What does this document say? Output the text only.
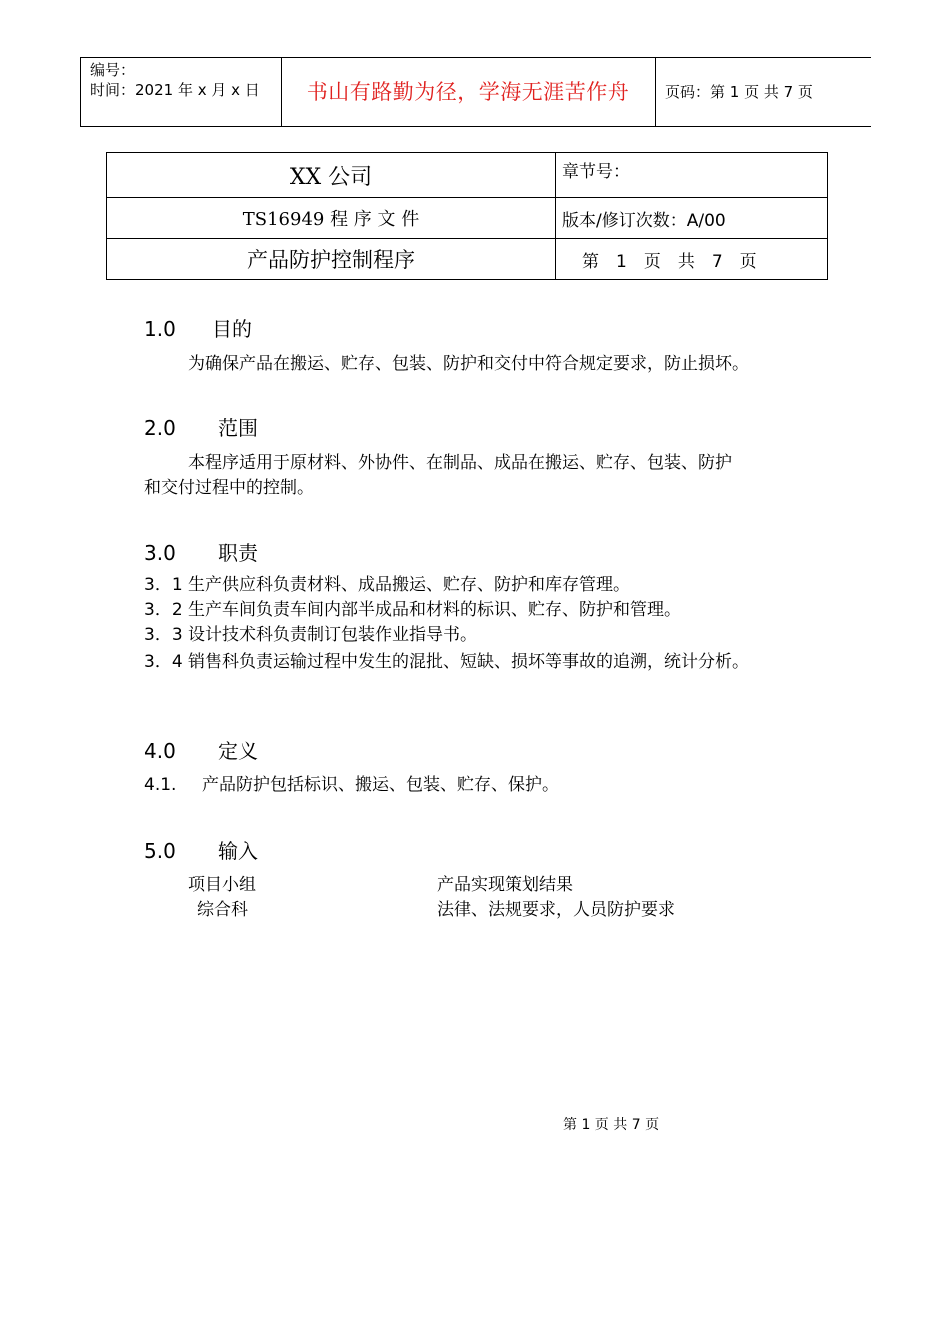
编号：
时间：2021 年 x 月 x 日	书山有路勤为径，学海无涯苦作舟	页码：第 1 页 共 7 页
XX 公司	章节号：
TS16949 程 序 文 件	版本/修订次数：A/00
产品防护控制程序	第　1　页　共　7　页
1.0 目的
为确保产品在搬运、贮存、包装、防护和交付中符合规定要求，防止损坏。
2.0 范围
本程序适用于原材料、外协件、在制品、成品在搬运、贮存、包装、防护
和交付过程中的控制。
3.0 职责
3．1 生产供应科负责材料、成品搬运、贮存、防护和库存管理。
3．2 生产车间负责车间内部半成品和材料的标识、贮存、防护和管理。
3．3 设计技术科负责制订包装作业指导书。
3．4 销售科负责运输过程中发生的混批、短缺、损坏等事故的追溯，统计分析。
4.0 定义
4.1. 产品防护包括标识、搬运、包装、贮存、保护。
5.0 输入
项目小组	产品实现策划结果
综合科	法律、法规要求，人员防护要求
第 1 页 共 7 页
